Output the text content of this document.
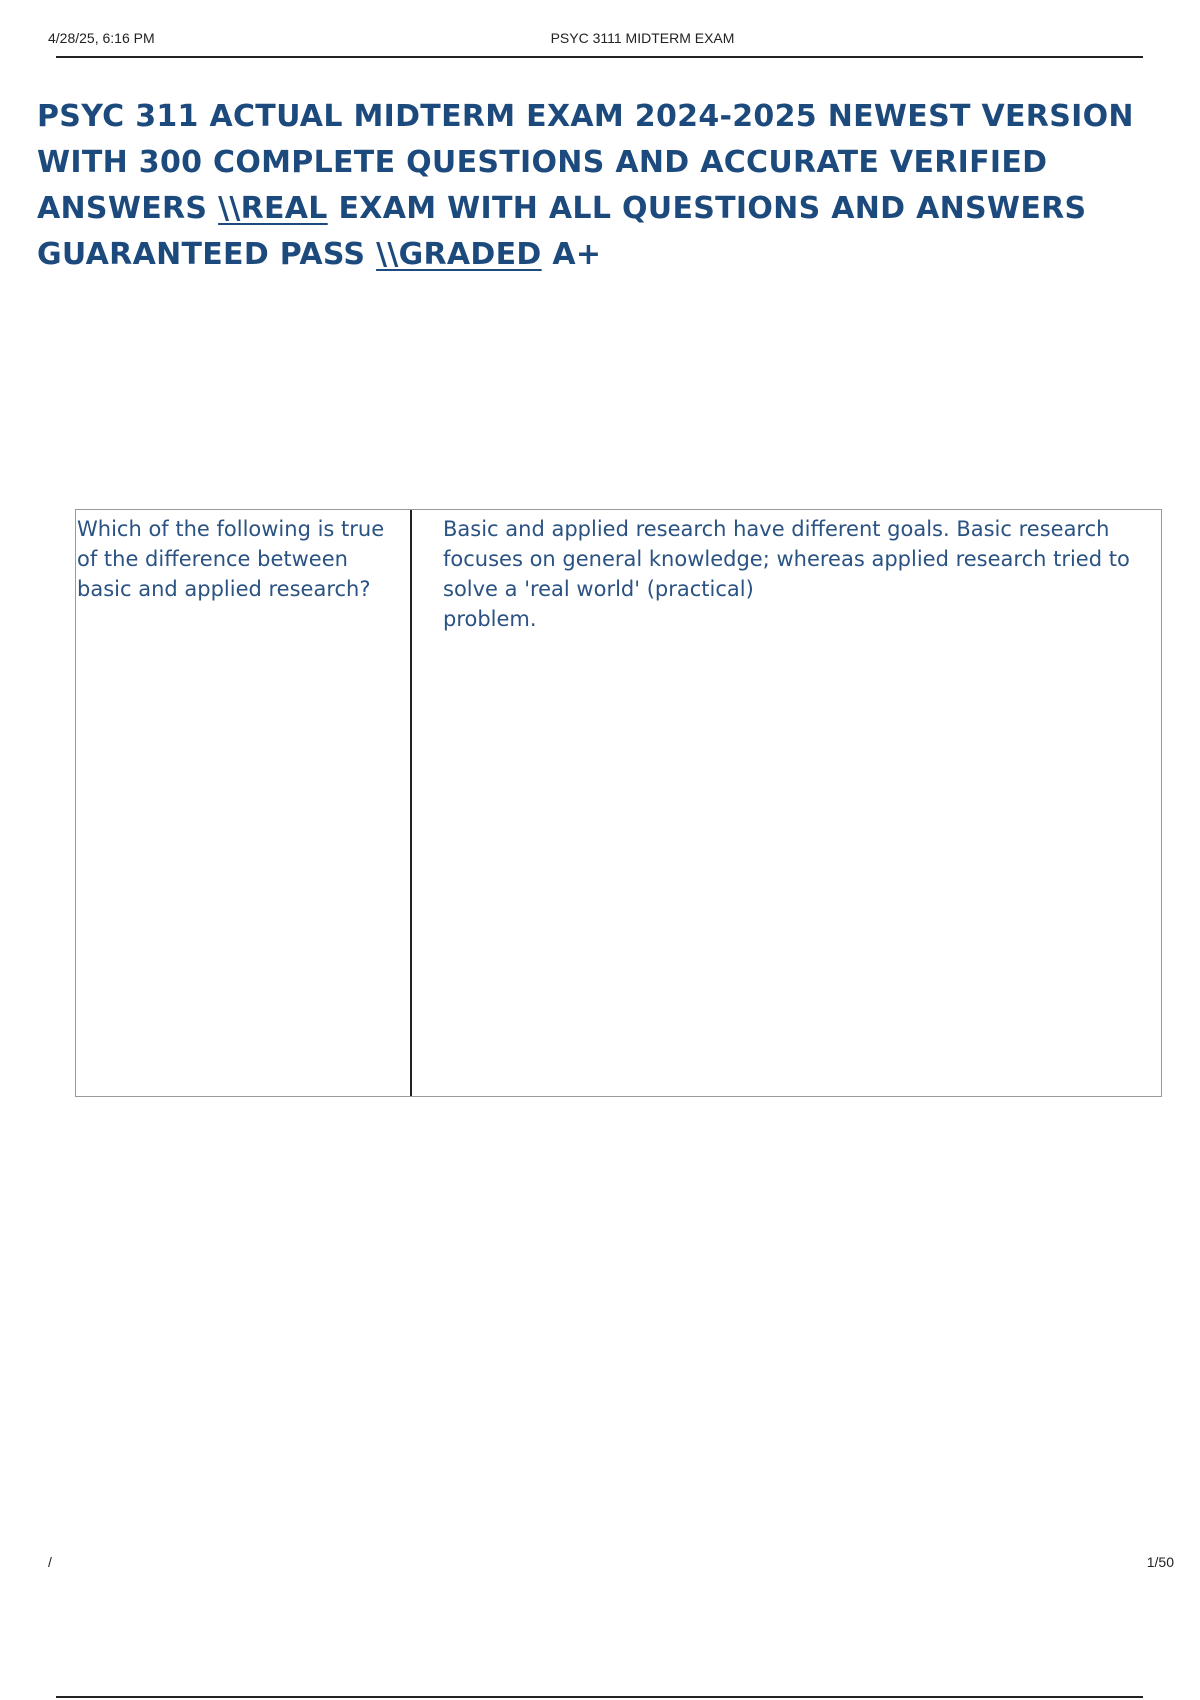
4/28/25, 6:16 PM	PSYC 3111 MIDTERM EXAM
PSYC 311 ACTUAL MIDTERM EXAM 2024-2025 NEWEST VERSION WITH 300 COMPLETE QUESTIONS AND ACCURATE VERIFIED ANSWERS \\REAL EXAM WITH ALL QUESTIONS AND ANSWERS GUARANTEED PASS \\GRADED A+
Which of the following is true of the difference between basic and applied research?
Basic and applied research have different goals. Basic research focuses on general knowledge; whereas applied research tried to solve a 'real world' (practical)
problem.
/	1/50
